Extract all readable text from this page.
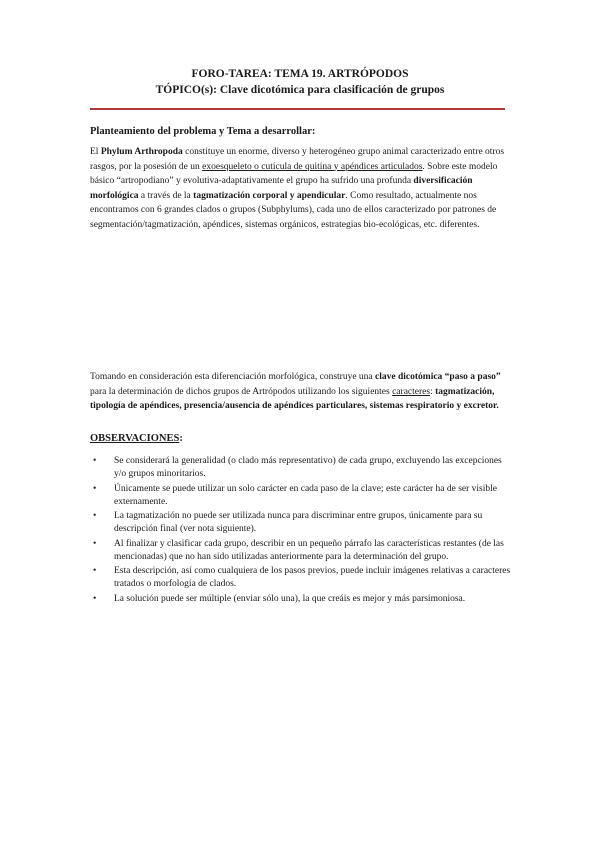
FORO-TAREA: TEMA 19. ARTRÓPODOS
TÓPICO(s): Clave dicotómica para clasificación de grupos
Planteamiento del problema y Tema a desarrollar:
El Phylum Arthropoda constituye un enorme, diverso y heterogéneo grupo animal caracterizado entre otros rasgos, por la posesión de un exoesqueleto o cutícula de quitina y apéndices articulados. Sobre este modelo básico “artropodiano” y evolutiva-adaptativamente el grupo ha sufrido una profunda diversificación morfológica a través de la tagmatización corporal y apendicular. Como resultado, actualmente nos encontramos con 6 grandes clados o grupos (Subphylums), cada uno de ellos caracterizado por patrones de segmentación/tagmatización, apéndices, sistemas orgánicos, estrategias bio-ecológicas, etc. diferentes.
Tomando en consideración esta diferenciación morfológica, construye una clave dicotómica “paso a paso” para la determinación de dichos grupos de Artrópodos utilizando los siguientes caracteres: tagmatización, tipología de apéndices, presencia/ausencia de apéndices particulares, sistemas respiratorio y excretor.
OBSERVACIONES:
• Se considerará la generalidad (o clado más representativo) de cada grupo, excluyendo las excepciones y/o grupos minoritarios.
• Únicamente se puede utilizar un solo carácter en cada paso de la clave; este carácter ha de ser visible externamente.
• La tagmatización no puede ser utilizada nunca para discriminar entre grupos, únicamente para su descripción final (ver nota siguiente).
• Al finalizar y clasificar cada grupo, describir en un pequeño párrafo las características restantes (de las mencionadas) que no han sido utilizadas anteriormente para la determinación del grupo.
• Esta descripción, así como cualquiera de los pasos previos, puede incluir imágenes relativas a caracteres tratados o morfología de clados.
• La solución puede ser múltiple (enviar sólo una), la que creáis es mejor y más parsimoniosa.
